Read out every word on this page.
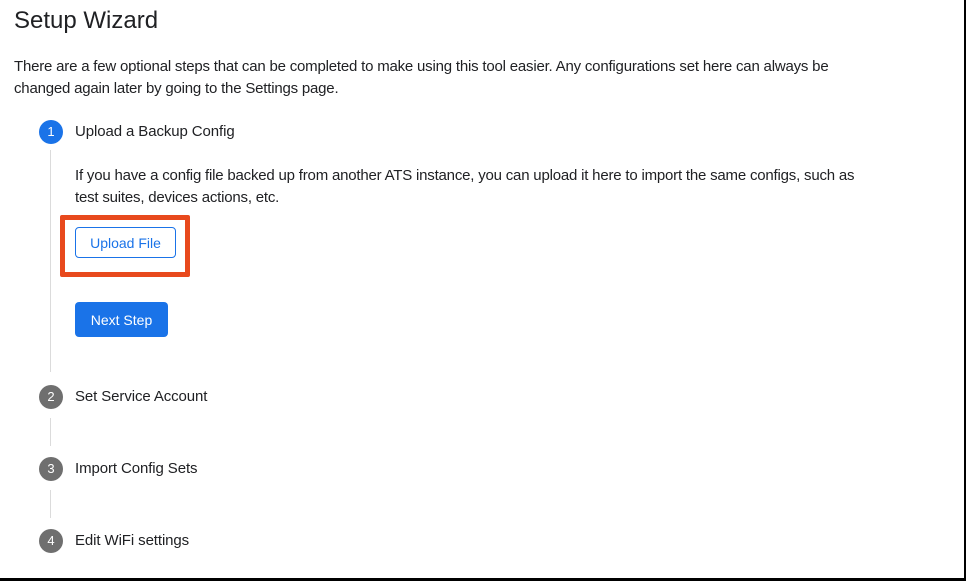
Setup Wizard
There are a few optional steps that can be completed to make using this tool easier. Any configurations set here can always be
changed again later by going to the Settings page.
1	Upload a Backup Config
If you have a config file backed up from another ATS instance, you can upload it here to import the same configs, such as
test suites, devices actions, etc.
Upload File
Next Step
2	Set Service Account
3	Import Config Sets
4	Edit WiFi settings
